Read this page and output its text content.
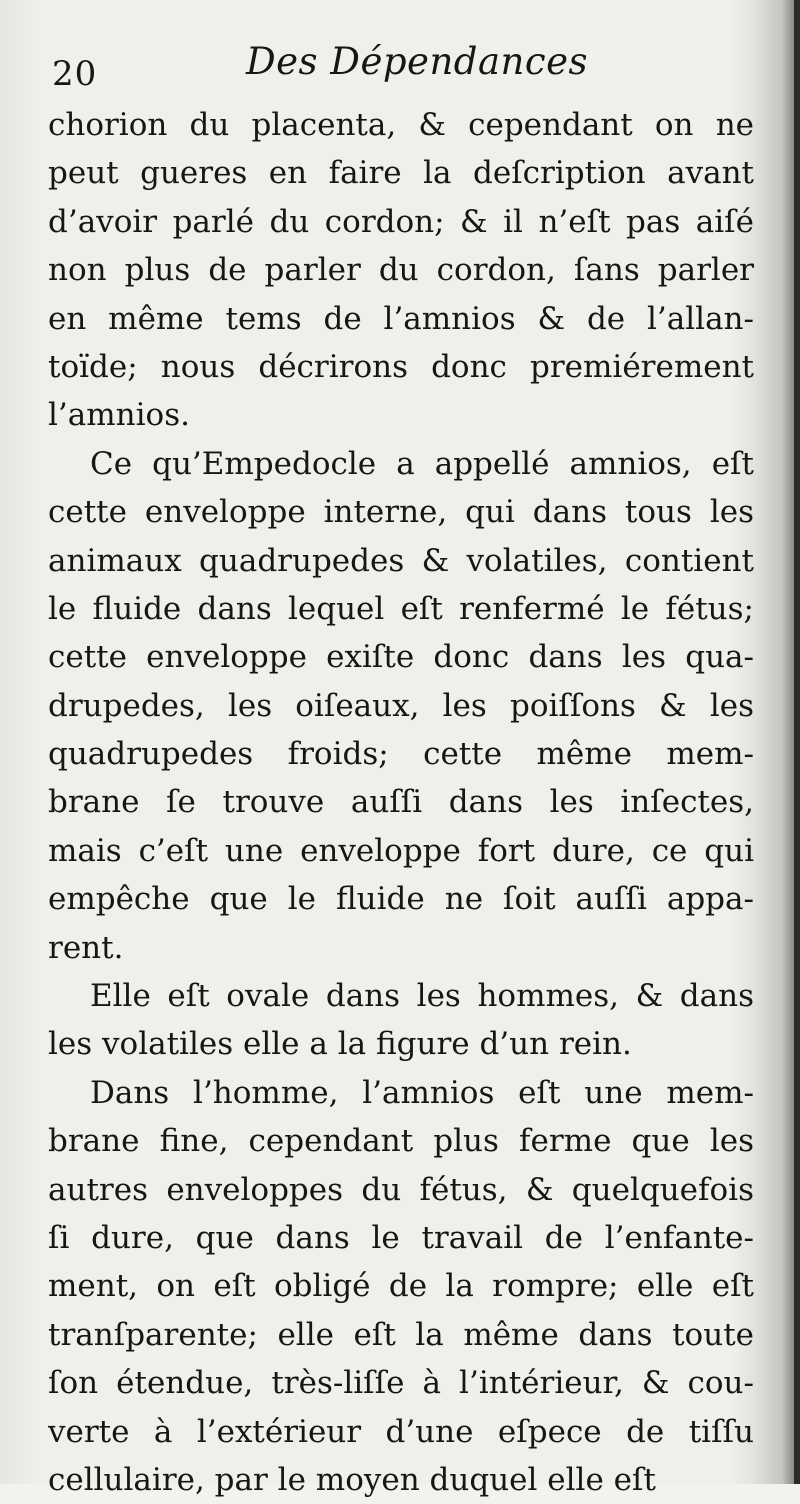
20	Des Dépendances
chorion du placenta, & cependant on ne
peut gueres en faire la deſcription avant
d’avoir parlé du cordon; & il n’eſt pas aiſé
non plus de parler du cordon, ſans parler
en même tems de l’amnios & de l’allan-
toïde; nous décrirons donc premiérement
l’amnios.
Ce qu’Empedocle a appellé amnios, eſt
cette enveloppe interne, qui dans tous les
animaux quadrupedes & volatiles, contient
le fluide dans lequel eſt renfermé le fétus;
cette enveloppe exiſte donc dans les qua-
drupedes, les oiſeaux, les poiſſons & les
quadrupedes froids; cette même mem-
brane ſe trouve auſſi dans les inſectes,
mais c’eſt une enveloppe fort dure, ce qui
empêche que le fluide ne ſoit auſſi appa-
rent.
Elle eſt ovale dans les hommes, & dans
les volatiles elle a la figure d’un rein.
Dans l’homme, l’amnios eſt une mem-
brane fine, cependant plus ferme que les
autres enveloppes du fétus, & quelquefois
ſi dure, que dans le travail de l’enfante-
ment, on eſt obligé de la rompre; elle eſt
tranſparente; elle eſt la même dans toute
ſon étendue, très-liſſe à l’intérieur, & cou-
verte à l’extérieur d’une eſpece de tiſſu
cellulaire, par le moyen duquel elle eſt
